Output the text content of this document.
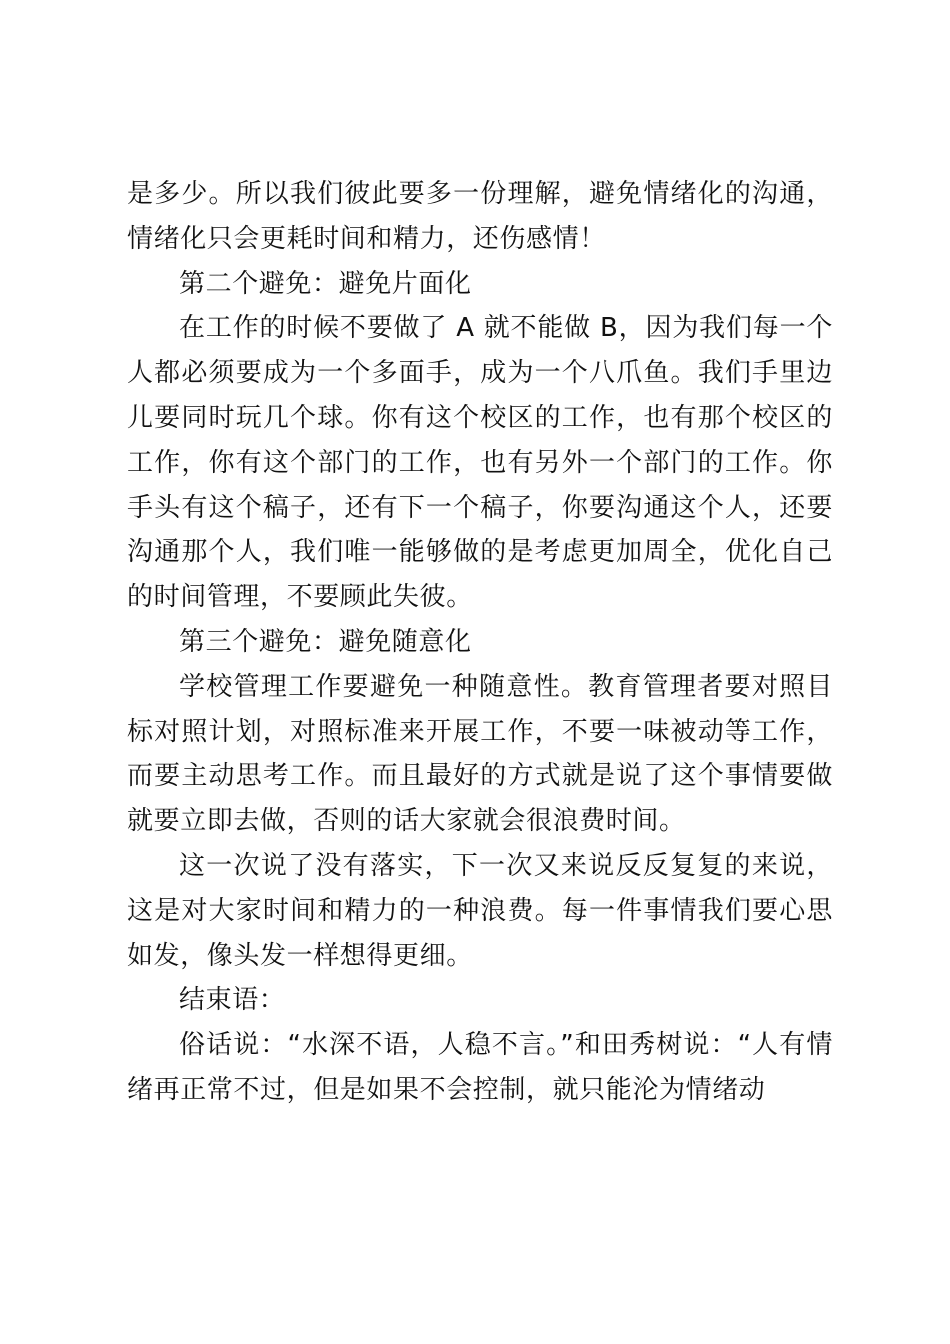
是多少。所以我们彼此要多一份理解，避免情绪化的沟通，情绪化只会更耗时间和精力，还伤感情！

第二个避免：避免片面化

在工作的时候不要做了 A 就不能做 B，因为我们每一个人都必须要成为一个多面手，成为一个八爪鱼。我们手里边儿要同时玩几个球。你有这个校区的工作，也有那个校区的工作，你有这个部门的工作，也有另外一个部门的工作。你手头有这个稿子，还有下一个稿子，你要沟通这个人，还要沟通那个人，我们唯一能够做的是考虑更加周全，优化自己的时间管理，不要顾此失彼。

第三个避免：避免随意化

学校管理工作要避免一种随意性。教育管理者要对照目标对照计划，对照标准来开展工作，不要一味被动等工作，而要主动思考工作。而且最好的方式就是说了这个事情要做就要立即去做，否则的话大家就会很浪费时间。

这一次说了没有落实，下一次又来说反反复复的来说，这是对大家时间和精力的一种浪费。每一件事情我们要心思如发，像头发一样想得更细。

结束语：

俗话说：“水深不语，人稳不言。”和田秀树说：“人有情绪再正常不过，但是如果不会控制，就只能沦为情绪动
